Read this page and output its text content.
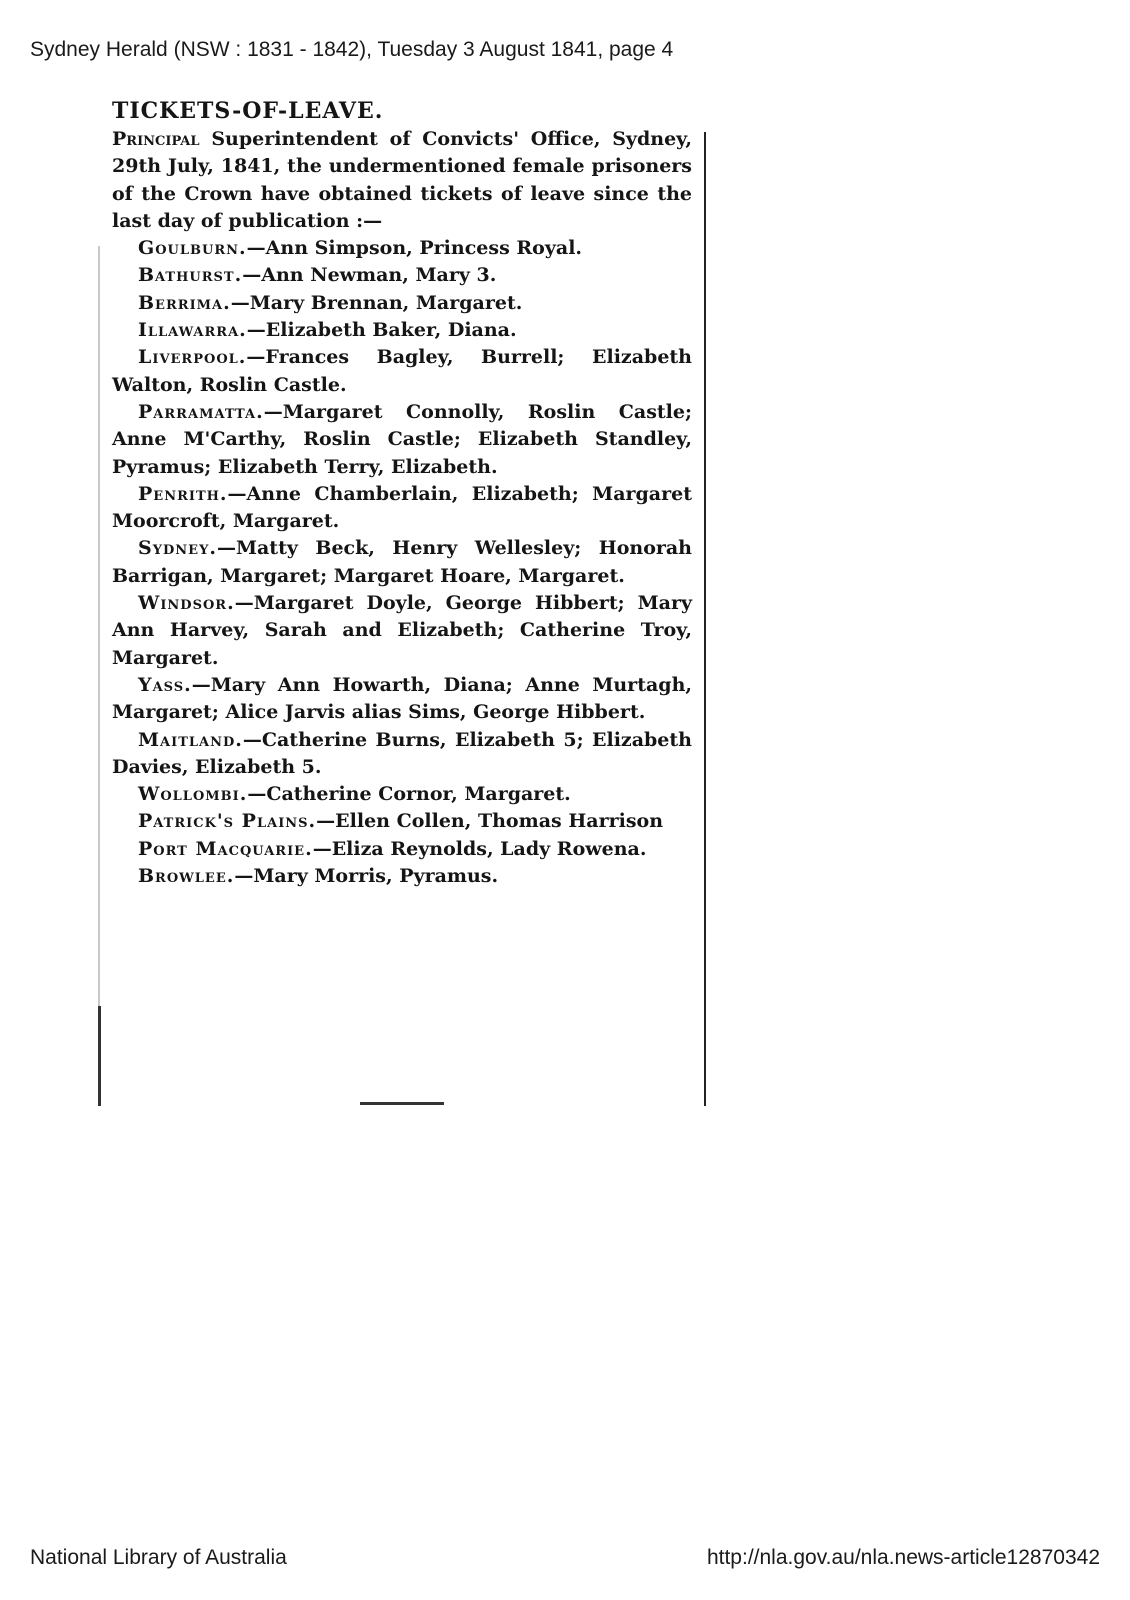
Sydney Herald (NSW : 1831 - 1842), Tuesday 3 August 1841, page 4
TICKETS-OF-LEAVE.
Principal Superintendent of Convicts' Office, Sydney, 29th July, 1841, the undermentioned female prisoners of the Crown have obtained tickets of leave since the last day of publication :—
Goulburn.—Ann Simpson, Princess Royal.
Bathurst.—Ann Newman, Mary 3.
Berrima.—Mary Brennan, Margaret.
Illawarra.—Elizabeth Baker, Diana.
Liverpool.—Frances Bagley, Burrell; Elizabeth Walton, Roslin Castle.
Parramatta.—Margaret Connolly, Roslin Castle; Anne M'Carthy, Roslin Castle; Elizabeth Standley, Pyramus; Elizabeth Terry, Elizabeth.
Penrith.—Anne Chamberlain, Elizabeth; Margaret Moorcroft, Margaret.
Sydney.—Matty Beck, Henry Wellesley; Honorah Barrigan, Margaret; Margaret Hoare, Margaret.
Windsor.—Margaret Doyle, George Hibbert; Mary Ann Harvey, Sarah and Elizabeth; Catherine Troy, Margaret.
Yass.—Mary Ann Howarth, Diana; Anne Murtagh, Margaret; Alice Jarvis alias Sims, George Hibbert.
Maitland.—Catherine Burns, Elizabeth 5; Elizabeth Davies, Elizabeth 5.
Wollombi.—Catherine Cornor, Margaret.
Patrick's Plains.—Ellen Collen, Thomas Harrison
Port Macquarie.—Eliza Reynolds, Lady Rowena.
Browlee.—Mary Morris, Pyramus.
National Library of Australia	http://nla.gov.au/nla.news-article12870342
